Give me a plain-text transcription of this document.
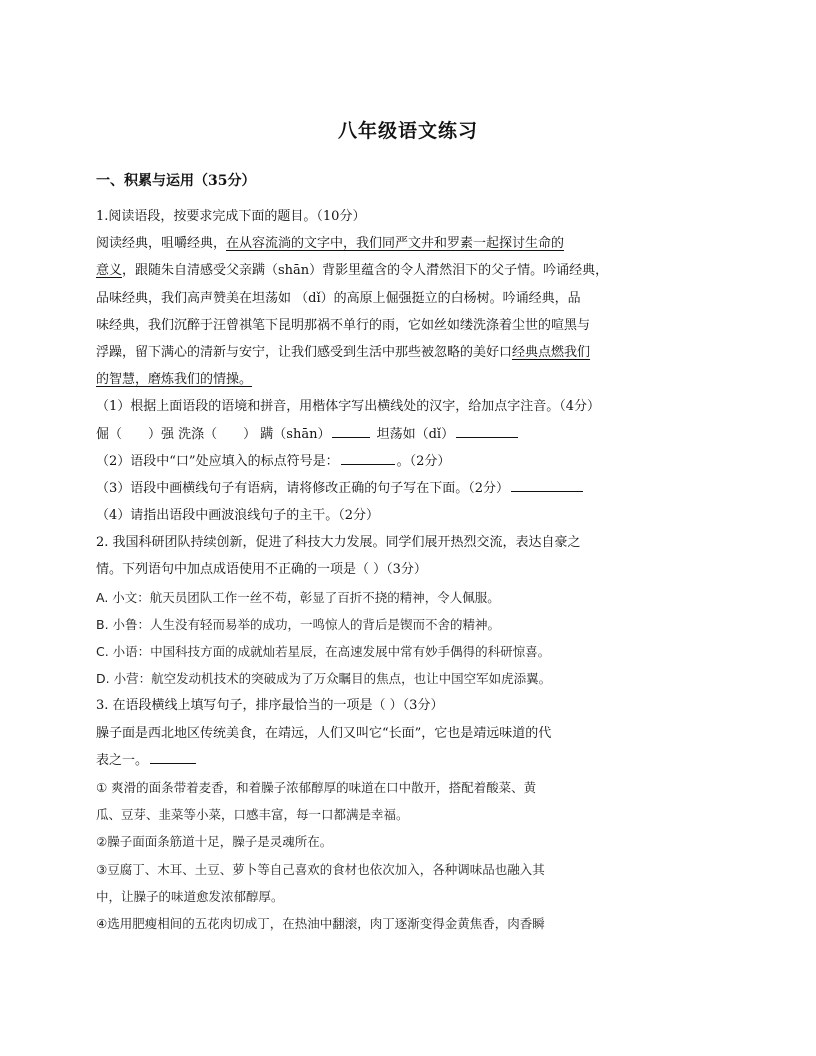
八年级语文练习
一、积累与运用（35分）
1.阅读语段，按要求完成下面的题目。（10分）
阅读经典，咀嚼经典，在从容流淌的文字中，我们同严文井和罗素一起探讨生命的
意义，跟随朱自清感受父亲蹒（shān）背影里蕴含的令人潸然泪下的父子情。吟诵经典，
品味经典，我们高声赞美在坦荡如 （dǐ）的高原上倔强挺立的白杨树。吟诵经典，品
味经典，我们沉醉于汪曾祺笔下昆明那祸不单行的雨，它如丝如缕洗涤着尘世的喧黑与
浮躁，留下满心的清新与安宁，让我们感受到生活中那些被忽略的美好口经典点燃我们
的智慧，磨炼我们的情操。
（1）根据上面语段的语境和拼音，用楷体字写出横线处的汉字，给加点字注音。（4分）
倔（ ）强 洗涤（ ） 蹒（shān）	坦荡如（dǐ）
（2）语段中“口”处应填入的标点符号是：	。（2分）
（3）语段中画横线句子有语病，请将修改正确的句子写在下面。（2分）
（4）请指出语段中画波浪线句子的主干。（2分）
2. 我国科研团队持续创新，促进了科技大力发展。同学们展开热烈交流，表达自豪之
情。下列语句中加点成语使用不正确的一项是（ ）（3分）
A. 小文：航天员团队工作一丝不苟，彰显了百折不挠的精神，令人佩服。
B. 小鲁：人生没有轻而易举的成功，一鸣惊人的背后是锲而不舍的精神。
C. 小语：中国科技方面的成就灿若星辰，在高速发展中常有妙手偶得的科研惊喜。
D. 小营：航空发动机技术的突破成为了万众瞩目的焦点，也让中国空军如虎添翼。
3. 在语段横线上填写句子，排序最恰当的一项是（ ）（3分）
臊子面是西北地区传统美食，在靖远，人们又叫它“长面”，它也是靖远味道的代
表之一。
① 爽滑的面条带着麦香，和着臊子浓郁醇厚的味道在口中散开，搭配着酸菜、黄
瓜、豆芽、韭菜等小菜，口感丰富，每一口都满是幸福。
②臊子面面条筋道十足，臊子是灵魂所在。
③豆腐丁、木耳、土豆、萝卜等自己喜欢的食材也依次加入，各种调味品也融入其
中，让臊子的味道愈发浓郁醇厚。
④选用肥瘦相间的五花肉切成丁，在热油中翻滚，肉丁逐渐变得金黄焦香，肉香瞬
